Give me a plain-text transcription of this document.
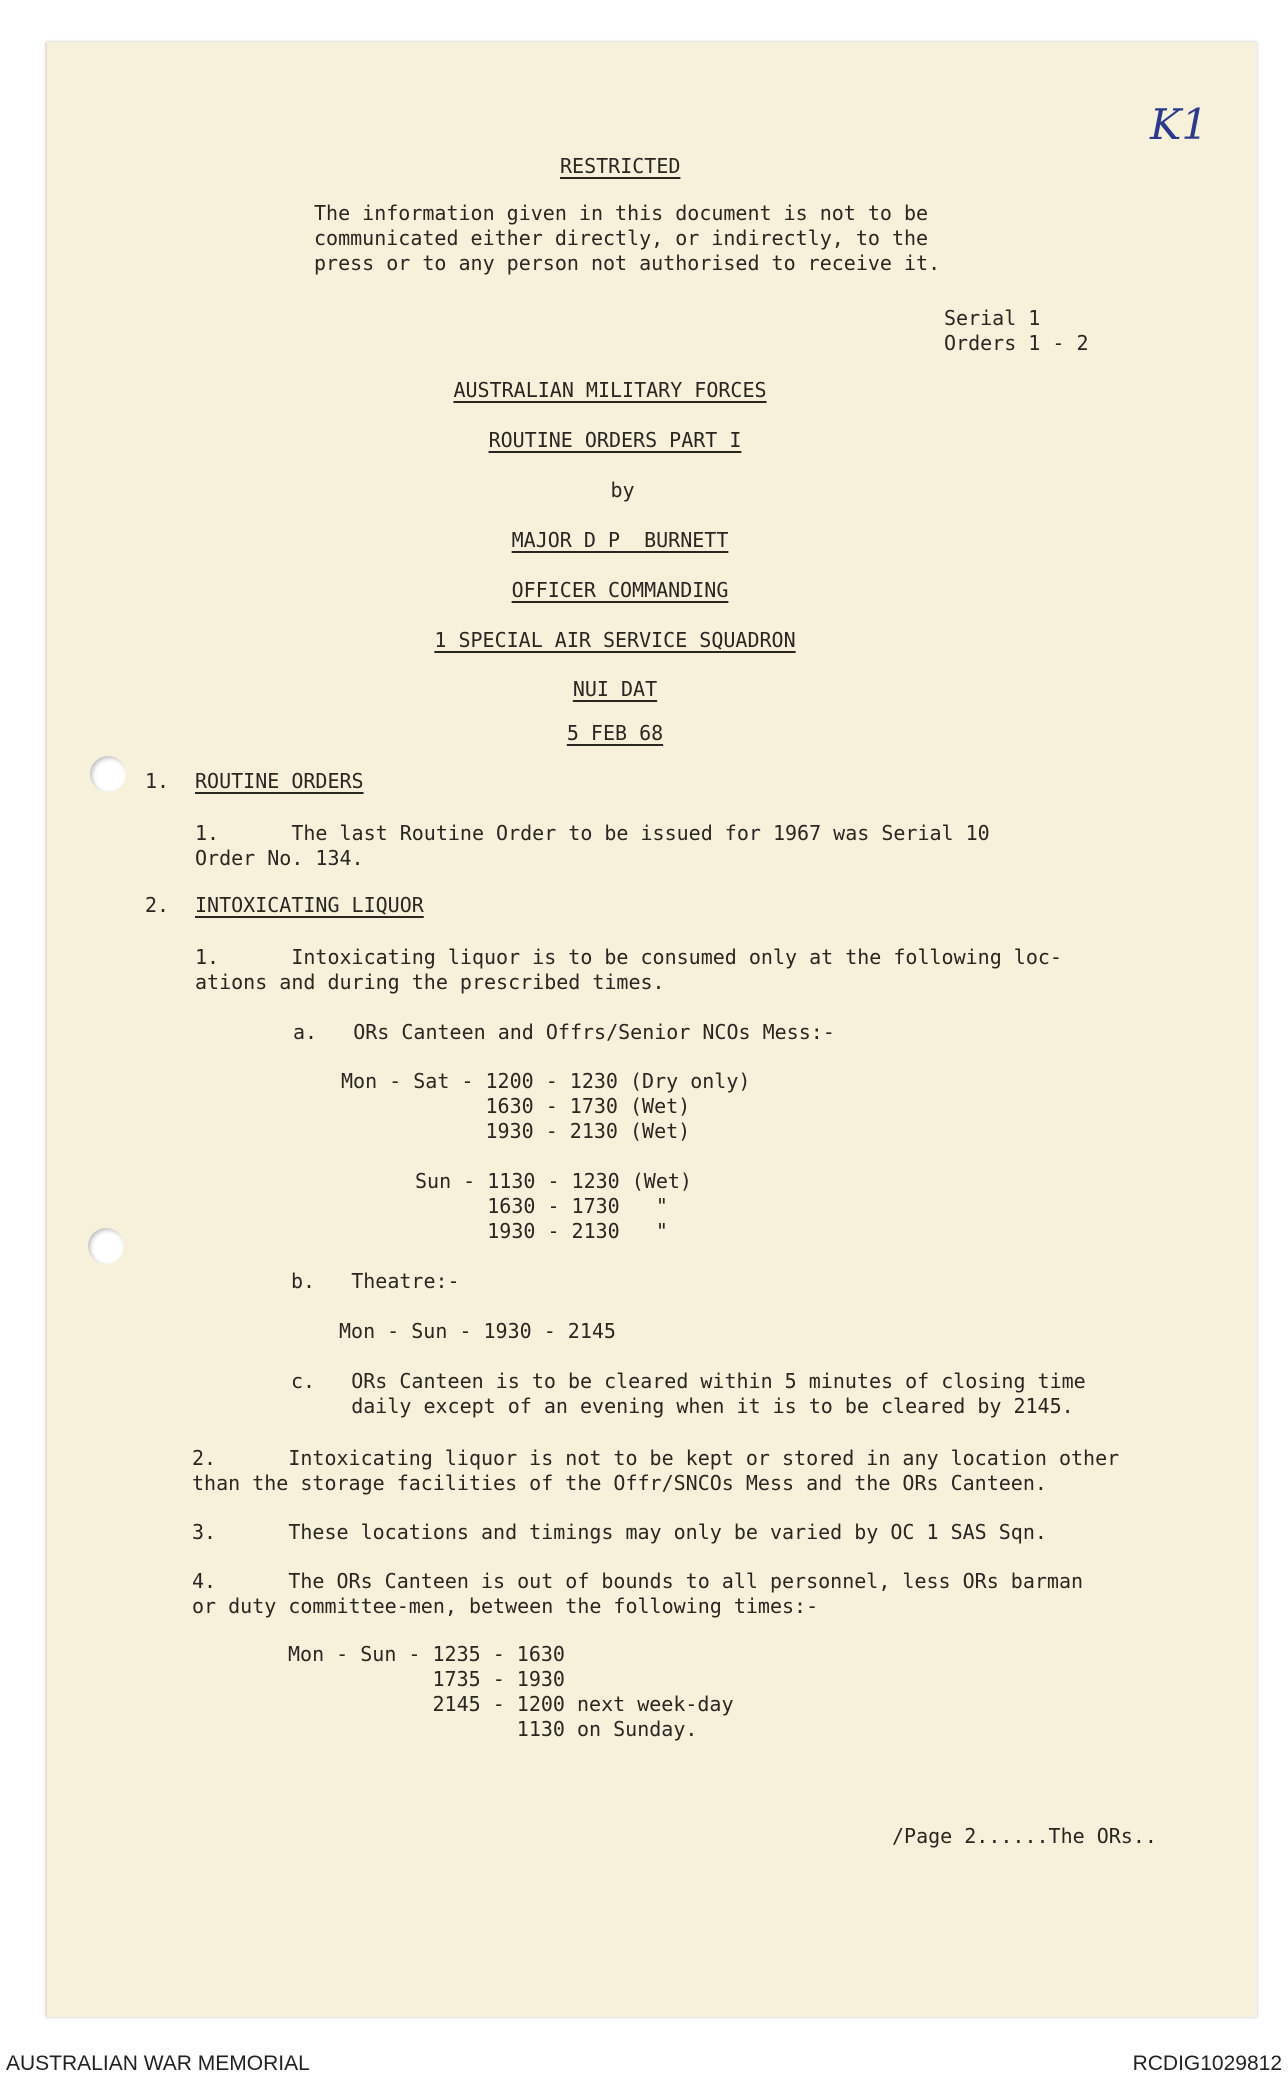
K1
RESTRICTED
The information given in this document is not to be
communicated either directly, or indirectly, to the
press or to any person not authorised to receive it.
Serial 1
Orders 1 - 2
AUSTRALIAN MILITARY FORCES
ROUTINE ORDERS PART I
by
MAJOR D P  BURNETT
OFFICER COMMANDING
1 SPECIAL AIR SERVICE SQUADRON
NUI DAT
5 FEB 68
1. ROUTINE ORDERS
1.      The last Routine Order to be issued for 1967 was Serial 10
Order No. 134.
2. INTOXICATING LIQUOR
1.      Intoxicating liquor is to be consumed only at the following loc-
ations and during the prescribed times.
a.   ORs Canteen and Offrs/Senior NCOs Mess:-
Mon - Sat - 1200 - 1230 (Dry only)
1630 - 1730 (Wet)
1930 - 2130 (Wet)
Sun - 1130 - 1230 (Wet)
1630 - 1730   "
1930 - 2130   "
b.   Theatre:-
Mon - Sun - 1930 - 2145
c.   ORs Canteen is to be cleared within 5 minutes of closing time
daily except of an evening when it is to be cleared by 2145.
2.      Intoxicating liquor is not to be kept or stored in any location other
than the storage facilities of the Offr/SNCOs Mess and the ORs Canteen.
3.      These locations and timings may only be varied by OC 1 SAS Sqn.
4.      The ORs Canteen is out of bounds to all personnel, less ORs barman
or duty committee-men, between the following times:-
Mon - Sun - 1235 - 1630
1735 - 1930
2145 - 1200 next week-day
1130 on Sunday.
/Page 2......The ORs..
AUSTRALIAN WAR MEMORIAL	RCDIG1029812
